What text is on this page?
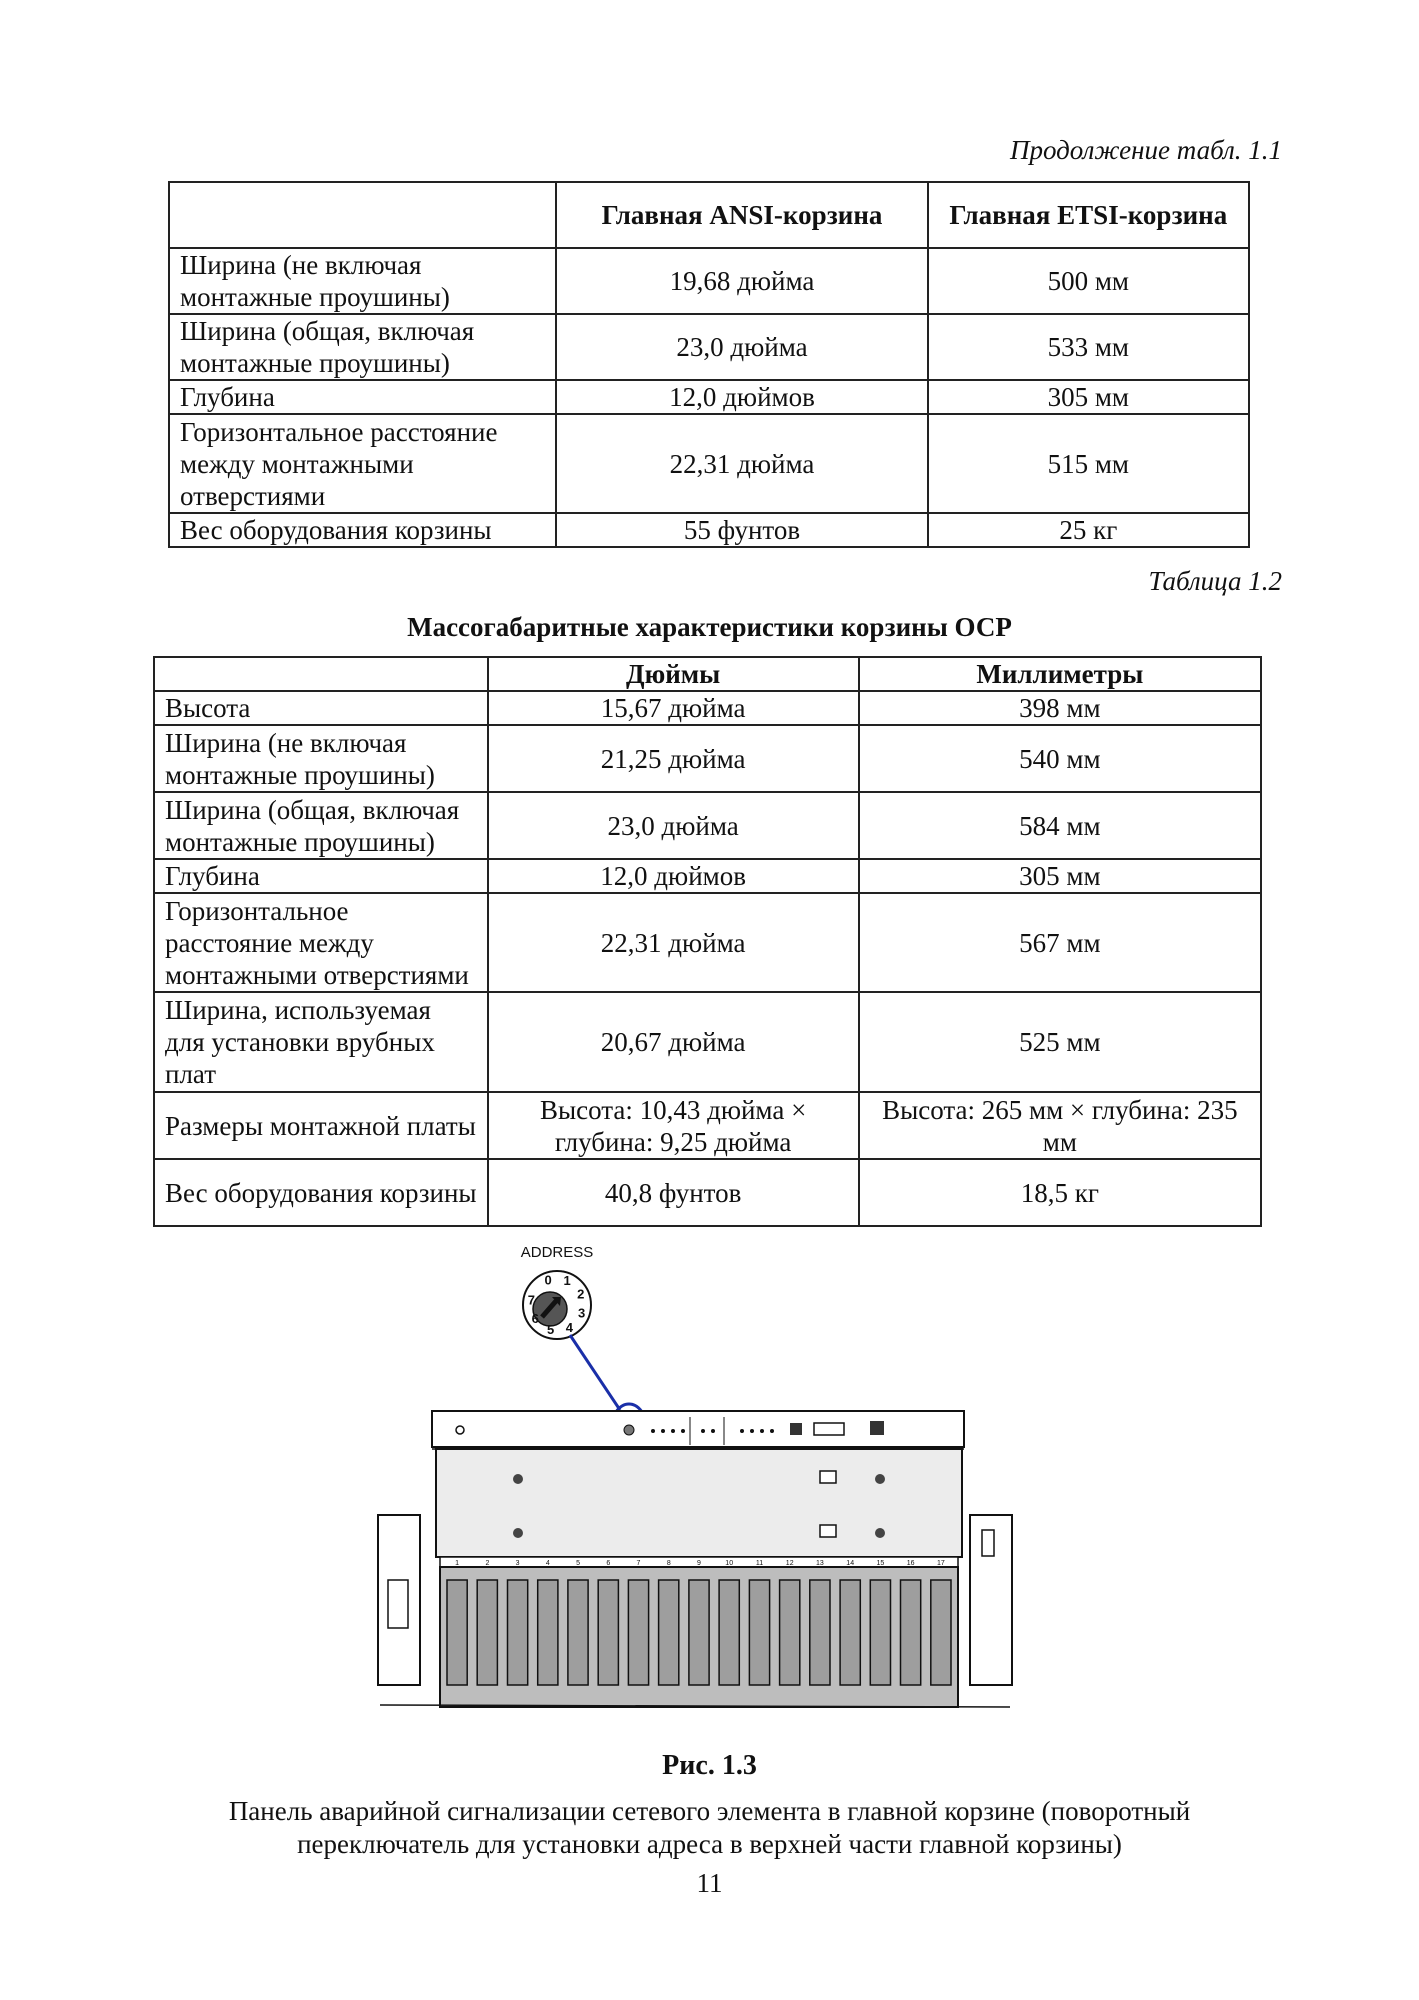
Продолжение табл. 1.1
	Главная ANSI-корзина	Главная ETSI-корзина
Ширина (не включая монтажные проушины)	19,68 дюйма	500 мм
Ширина (общая, включая монтажные проушины)	23,0 дюйма	533 мм
Глубина	12,0 дюймов	305 мм
Горизонтальное расстояние между монтажными отверстиями	22,31 дюйма	515 мм
Вес оборудования корзины	55 фунтов	25 кг
Таблица 1.2
Массогабаритные характеристики корзины ОСР
	Дюймы	Миллиметры
Высота	15,67 дюйма	398 мм
Ширина (не включая монтажные проушины)	21,25 дюйма	540 мм
Ширина (общая, включая монтажные проушины)	23,0 дюйма	584 мм
Глубина	12,0 дюймов	305 мм
Горизонтальное расстояние между монтажными отверстиями	22,31 дюйма	567 мм
Ширина, используемая для установки врубных плат	20,67 дюйма	525 мм
Размеры монтажной платы	Высота: 10,43 дюйма × глубина: 9,25 дюйма	Высота: 265 мм × глубина: 235 мм
Вес оборудования корзины	40,8 фунтов	18,5 кг
ADDRESS
0 1
2
3
4
5
6
7
1	2	3	4	5	6	7	8	9	10	11	12	13	14	15	16	17
Рис. 1.3
Панель аварийной сигнализации сетевого элемента в главной корзине (поворотный переключатель для установки адреса в верхней части главной корзины)
11
